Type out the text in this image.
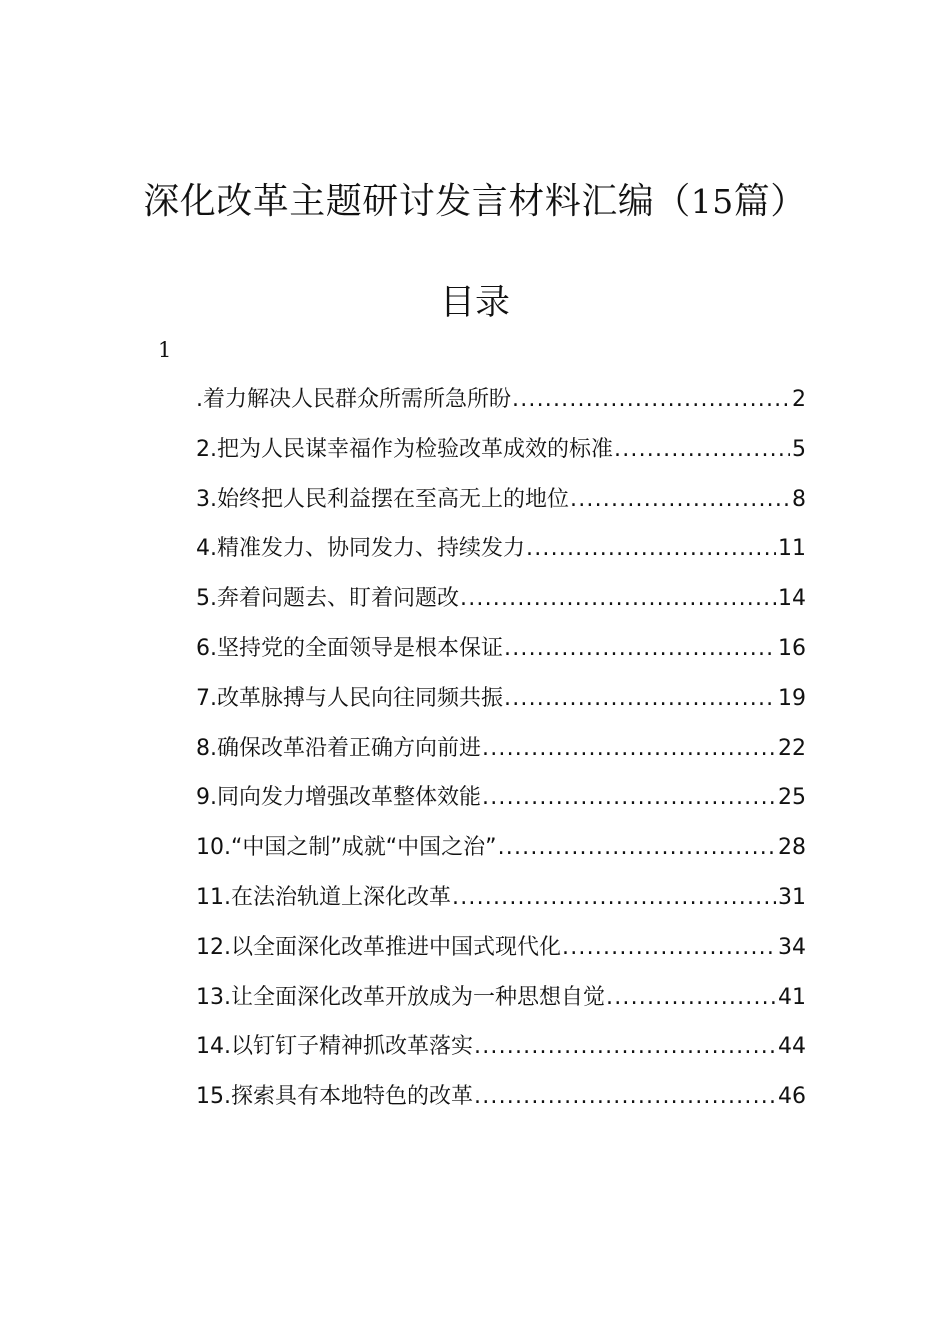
深化改革主题研讨发言材料汇编（15篇）
目录
1
.着力解决人民群众所需所急所盼 .....	2
2.把为人民谋幸福作为检验改革成效的标准 .....	5
3.始终把人民利益摆在至高无上的地位 .....	8
4.精准发力、协同发力、持续发力 .....	11
5.奔着问题去、盯着问题改 .....	14
6.坚持党的全面领导是根本保证 .....	16
7.改革脉搏与人民向往同频共振 .....	19
8.确保改革沿着正确方向前进 .....	22
9.同向发力增强改革整体效能 .....	25
10.“中国之制”成就“中国之治” .....	28
11.在法治轨道上深化改革 .....	31
12.以全面深化改革推进中国式现代化 .....	34
13.让全面深化改革开放成为一种思想自觉 .....	41
14.以钉钉子精神抓改革落实 .....	44
15.探索具有本地特色的改革 .....	46
